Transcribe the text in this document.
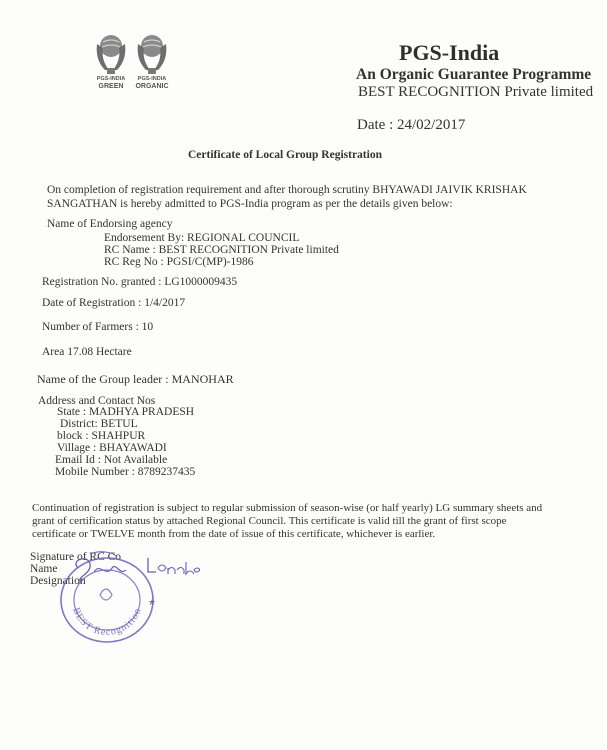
PGS-INDIA
GREEN
PGS-INDIA
ORGANIC
PGS-India
An Organic Guarantee Programme
BEST RECOGNITION Private limited
Date : 24/02/2017
Certificate of Local Group Registration
On completion of registration requirement and after thorough scrutiny BHYAWADI JAIVIK KRISHAK
SANGATHAN is hereby admitted to PGS-India program as per the details given below:
Name of Endorsing agency
Endorsement By: REGIONAL COUNCIL
RC Name : BEST RECOGNITION Private limited
RC Reg No : PGSI/C(MP)-1986
Registration No. granted : LG1000009435
Date of Registration : 1/4/2017
Number of Farmers : 10
Area 17.08 Hectare
Name of the Group leader : MANOHAR
Address and Contact Nos
State : MADHYA PRADESH
District: BETUL
block : SHAHPUR
Village : BHAYAWADI
Email Id : Not Available
Mobile Number : 8789237435
Continuation of registration is subject to regular submission of season-wise (or half yearly) LG summary sheets and
grant of certification status by attached Regional Council. This certificate is valid till the grant of first scope
certificate or TWELVE month from the date of issue of this certificate, whichever is earlier.
Signature of RC Co
Name
Designation
BEST Recognition
★
